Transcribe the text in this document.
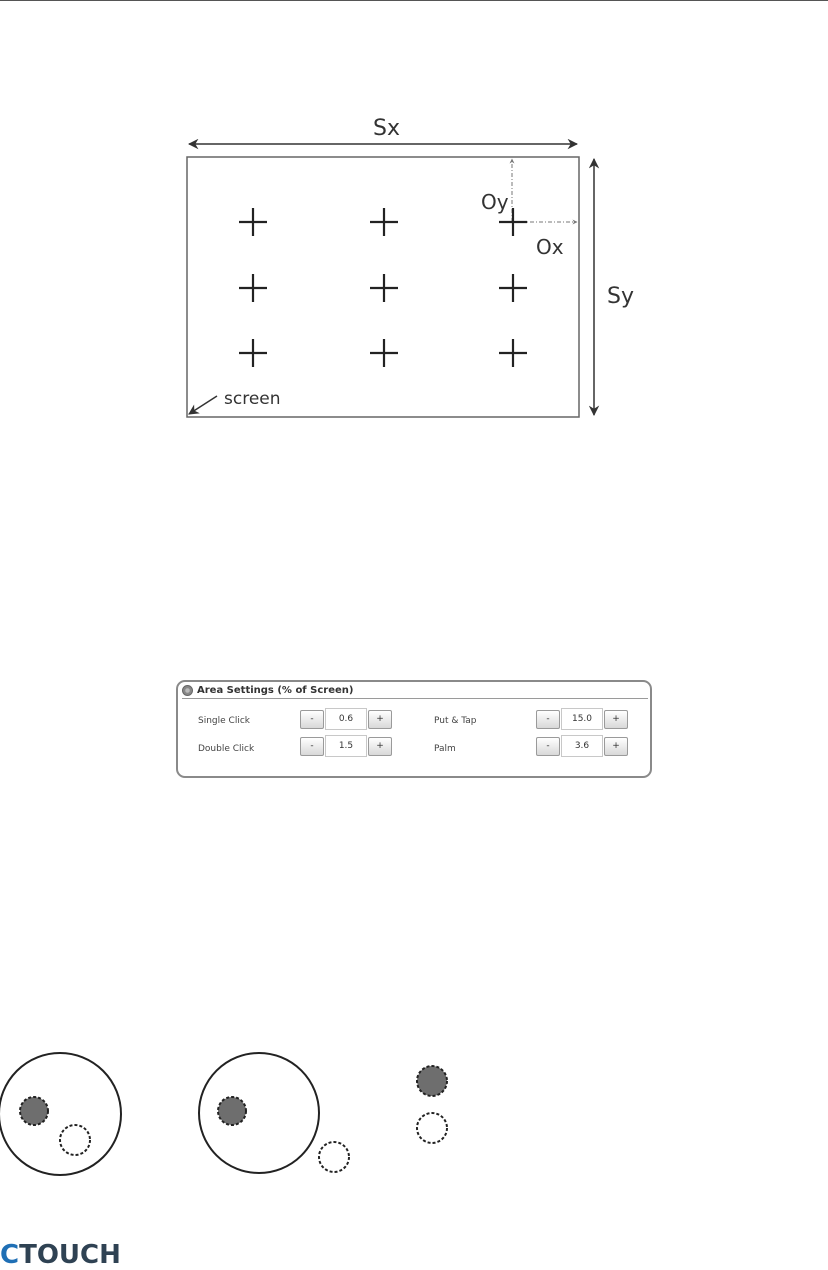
Sx
Oy
Ox
Sy
screen
Area Settings (% of Screen)
Single Click	-	0.6	+
Double Click	-	1.5	+
Put & Tap	-	15.0	+
Palm	-	3.6	+
CTOUCH
